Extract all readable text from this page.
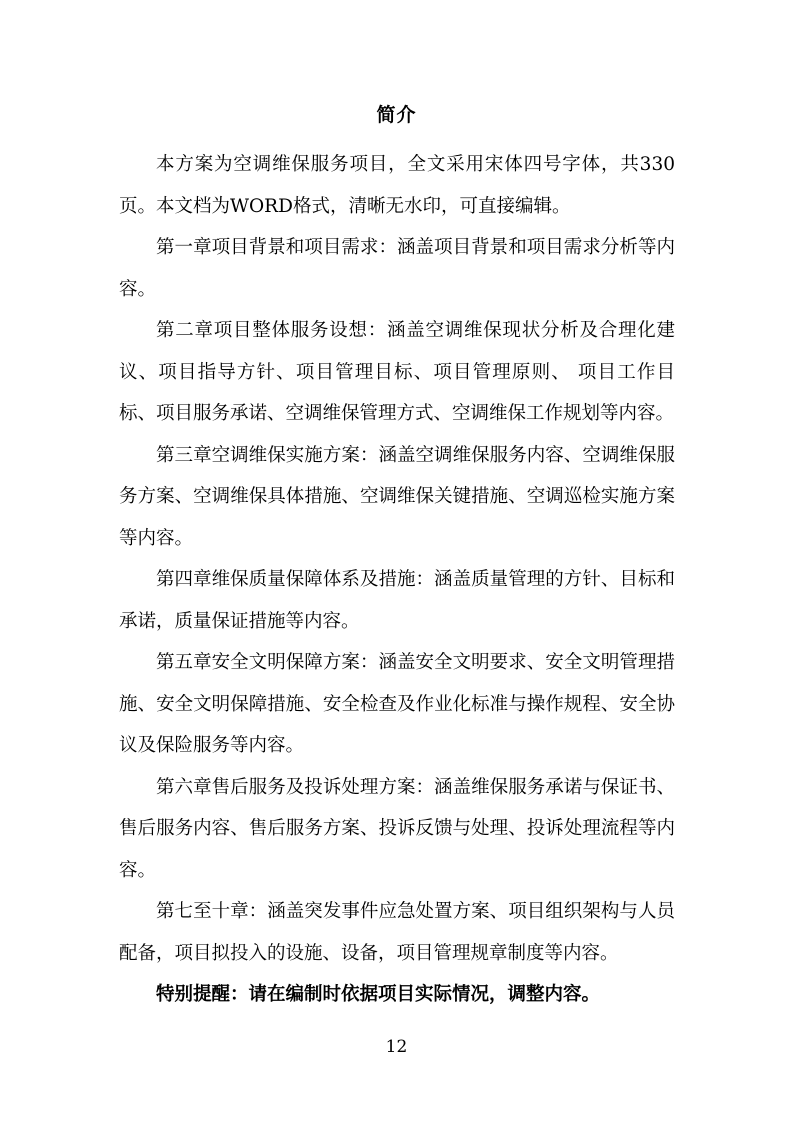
简介

本方案为空调维保服务项目，全文采用宋体四号字体，共330页。本文档为WORD格式，清晰无水印，可直接编辑。

第一章项目背景和项目需求：涵盖项目背景和项目需求分析等内容。

第二章项目整体服务设想：涵盖空调维保现状分析及合理化建议、项目指导方针、项目管理目标、项目管理原则、 项目工作目标、项目服务承诺、空调维保管理方式、空调维保工作规划等内容。

第三章空调维保实施方案：涵盖空调维保服务内容、空调维保服务方案、空调维保具体措施、空调维保关键措施、空调巡检实施方案等内容。

第四章维保质量保障体系及措施：涵盖质量管理的方针、目标和承诺，质量保证措施等内容。

第五章安全文明保障方案：涵盖安全文明要求、安全文明管理措施、安全文明保障措施、安全检查及作业化标准与操作规程、安全协议及保险服务等内容。

第六章售后服务及投诉处理方案：涵盖维保服务承诺与保证书、售后服务内容、售后服务方案、投诉反馈与处理、投诉处理流程等内容。

第七至十章：涵盖突发事件应急处置方案、项目组织架构与人员配备，项目拟投入的设施、设备，项目管理规章制度等内容。

特别提醒：请在编制时依据项目实际情况，调整内容。

12
